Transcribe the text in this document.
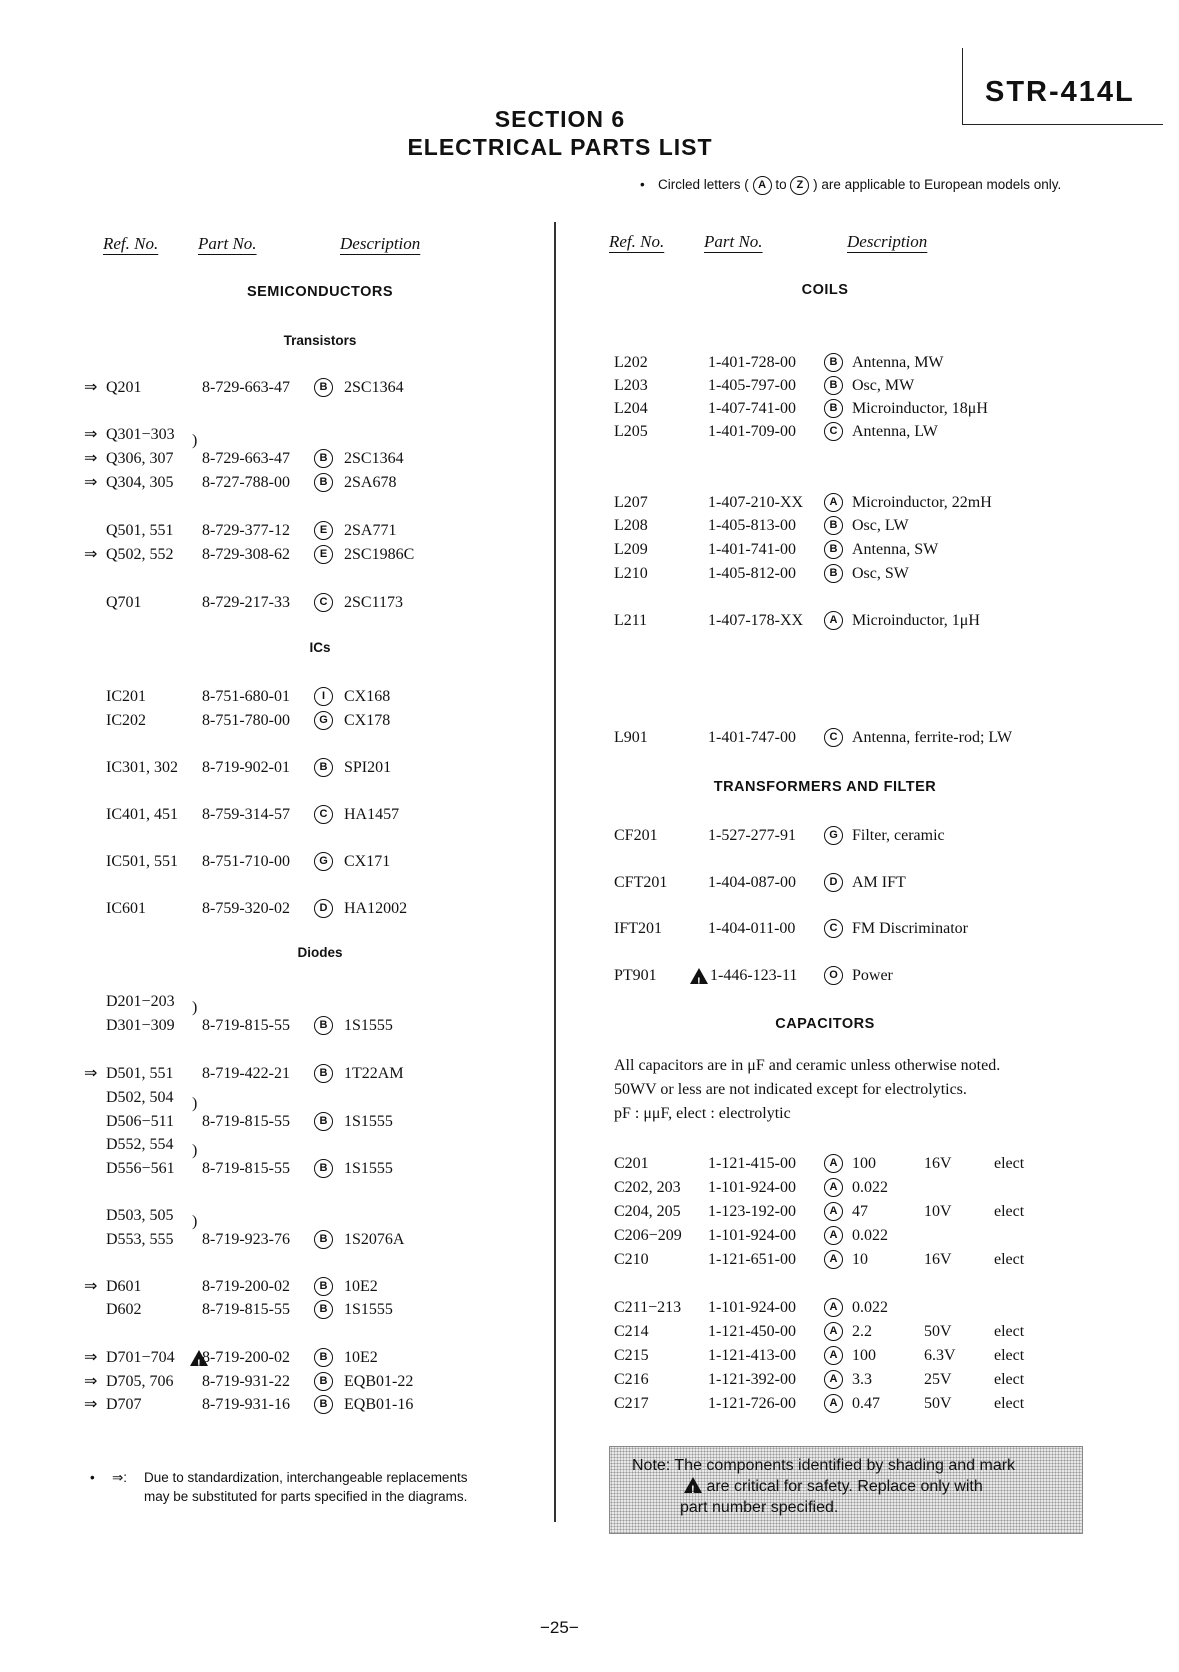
STR-414L
SECTION 6
ELECTRICAL PARTS LIST
• Circled letters ( A to Z ) are applicable to European models only.
Ref. No. Part No.	Description	Ref. No. Part No.	Description
SEMICONDUCTORS
Transistors
ICs
Diodes
⇒ Q201	8-729-663-47	B	2SC1364
⇒ Q301−303 )
⇒ Q306, 307 8-729-663-47	B	2SC1364
⇒ Q304, 305 8-727-788-00	B	2SA678
Q501, 551 8-729-377-12	E	2SA771
⇒ Q502, 552 8-729-308-62	E	2SC1986C
Q701	8-729-217-33	C	2SC1173
IC201	8-751-680-01	I	CX168
IC202	8-751-780-00	G	CX178
IC301, 302 8-719-902-01	B	SPI201
IC401, 451 8-759-314-57	C	HA1457
IC501, 551 8-751-710-00	G	CX171
IC601	8-759-320-02	D	HA12002
D201−203 )
D301−309 8-719-815-55	B	1S1555
⇒ D501, 551 8-719-422-21	B	1T22AM
D502, 504 )
D506−511 8-719-815-55	B	1S1555
D552, 554 )
D556−561 8-719-815-55	B	1S1555
D503, 505 )
D553, 555 8-719-923-76	B	1S2076A
⇒ D601	8-719-200-02	B	10E2
D602	8-719-815-55	B	1S1555
⇒ D701−704 ! 8-719-200-02	B	10E2
⇒ D705, 706 8-719-931-22	B	EQB01-22
⇒ D707	8-719-931-16	B	EQB01-16
COILS
TRANSFORMERS AND FILTER
CAPACITORS
L202	1-401-728-00	B Antenna, MW
L203	1-405-797-00	B Osc, MW
L204	1-407-741-00	B Microinductor, 18μH
L205	1-401-709-00	C Antenna, LW
L207	1-407-210-XX	A Microinductor, 22mH
L208	1-405-813-00	B Osc, LW
L209	1-401-741-00	B Antenna, SW
L210	1-405-812-00	B Osc, SW
L211	1-407-178-XX	A Microinductor, 1μH
L901	1-401-747-00	C Antenna, ferrite-rod; LW
CF201	1-527-277-91	G Filter, ceramic
CFT201	1-404-087-00	D AM IFT
IFT201	1-404-011-00	C FM Discriminator
PT901 !	1-446-123-11	O Power
C201	1-121-415-00	A 100	16V	elect
C202, 203 1-101-924-00	A 0.022
C204, 205 1-123-192-00	A 47	10V	elect
C206−209 1-101-924-00	A 0.022
C210	1-121-651-00	A 10	16V	elect
C211−213 1-101-924-00	A 0.022
C214	1-121-450-00	A 2.2	50V	elect
C215	1-121-413-00	A 100	6.3V elect
C216	1-121-392-00	A 3.3	25V	elect
C217	1-121-726-00	A 0.47	50V	elect
All capacitors are in μF and ceramic unless otherwise noted.
50WV or less are not indicated except for electrolytics.
pF : μμF, elect : electrolytic
• ⇒: Due to standardization, interchangeable replacements
may be substituted for parts specified in the diagrams.
Note: The components identified by shading and mark
! are critical for safety. Replace only with
part number specified.
−25−
